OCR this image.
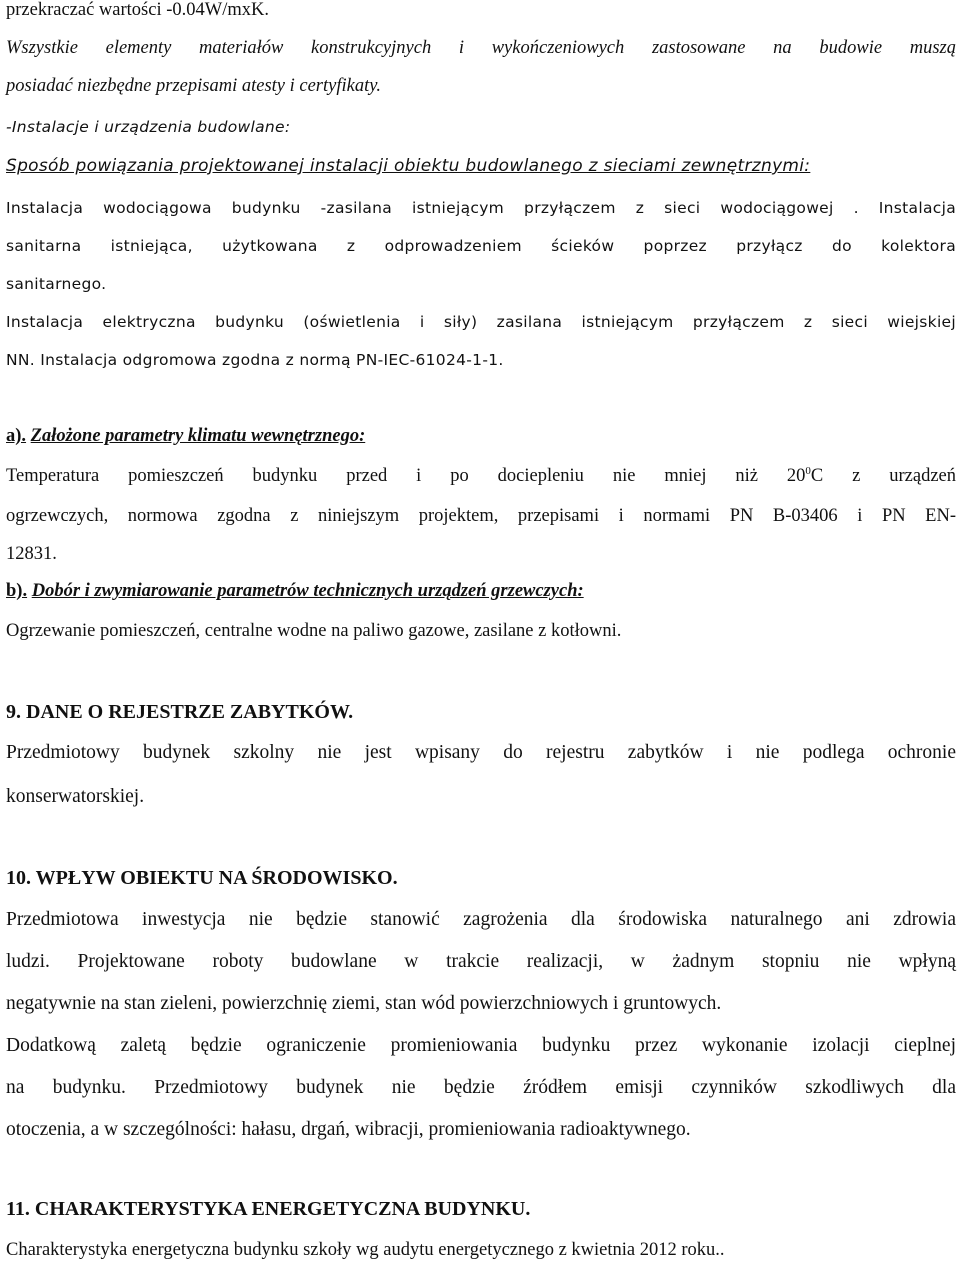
przekraczać wartości -0.04W/mxK.

Wszystkie elementy materiałów konstrukcyjnych i wykończeniowych zastosowane na budowie muszą

posiadać niezbędne przepisami atesty i certyfikaty.

-Instalacje i urządzenia budowlane:

Sposób powiązania projektowanej instalacji obiektu budowlanego z sieciami zewnętrznymi:

Instalacja wodociągowa budynku -zasilana istniejącym przyłączem z sieci wodociągowej . Instalacja

sanitarna istniejąca, użytkowana z odprowadzeniem ścieków poprzez przyłącz do kolektora

sanitarnego.

Instalacja elektryczna budynku (oświetlenia i siły) zasilana istniejącym przyłączem z sieci wiejskiej

NN. Instalacja odgromowa zgodna z normą PN-IEC-61024-1-1.

a). Założone parametry klimatu wewnętrznego:

Temperatura pomieszczeń budynku przed i po dociepleniu nie mniej niż $20^0C$ z urządzeń

ogrzewczych, normowa zgodna z niniejszym projektem, przepisami i normami PN B-03406 i PN EN-

12831.

b). Dobór i zwymiarowanie parametrów technicznych urządzeń grzewczych:

Ogrzewanie pomieszczeń, centralne wodne na paliwo gazowe, zasilane z kotłowni.

9. DANE O REJESTRZE ZABYTKÓW.

Przedmiotowy budynek szkolny nie jest wpisany do rejestru zabytków i nie podlega ochronie

konserwatorskiej.

10. WPŁYW OBIEKTU NA ŚRODOWISKO.

Przedmiotowa inwestycja nie będzie stanowić zagrożenia dla środowiska naturalnego ani zdrowia

ludzi. Projektowane roboty budowlane w trakcie realizacji, w żadnym stopniu nie wpłyną

negatywnie na stan zieleni, powierzchnię ziemi, stan wód powierzchniowych i gruntowych.

Dodatkową zaletą będzie ograniczenie promieniowania budynku przez wykonanie izolacji cieplnej

na budynku. Przedmiotowy budynek nie będzie źródłem emisji czynników szkodliwych dla

otoczenia, a w szczególności: hałasu, drgań, wibracji, promieniowania radioaktywnego.

11. CHARAKTERYSTYKA ENERGETYCZNA BUDYNKU.

Charakterystyka energetyczna budynku szkoły wg audytu energetycznego z kwietnia 2012 roku..
